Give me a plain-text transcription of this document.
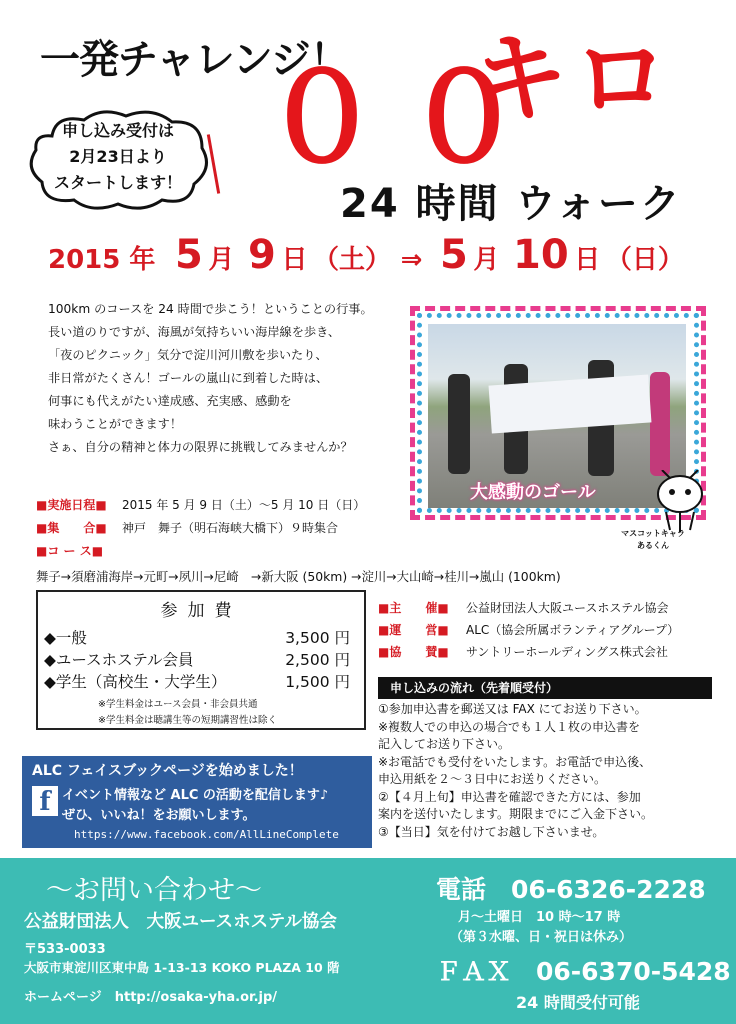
一発チャレンジ！
００
キロ
24 時間 ウォーク
2015 年 5 月 9 日 （土） ⇒ 5 月 10 日 （日）
申し込み受付は
2月23日より
スタートします！

100km のコースを 24 時間で歩こう！ということの行事。

長い道のりですが、海風が気持ちいい海岸線を歩き、

「夜のピクニック」気分で淀川河川敷を歩いたり、

非日常がたくさん！ゴールの嵐山に到着した時は、

何事にも代えがたい達成感、充実感、感動を

味わうことができます！

さぁ、自分の精神と体力の限界に挑戦してみませんか？

大感動のゴール
マスコットキャラ
あるくん
■実施日程■ 2015 年 5 月 9 日（土）～5 月 10 日（日）
■集　　合■ 神戸　舞子（明石海峡大橋下）９時集合
■コ ー ス■
舞子→須磨浦海岸→元町→夙川→尼崎　→新大阪 (50km) →淀川→大山崎→桂川→嵐山 (100km)
参加費
◆一般	3,500 円
◆ユースホステル会員	2,500 円
◆学生（高校生・大学生）	1,500 円
※学生料金はユース会員・非会員共通
※学生料金は聴講生等の短期講習性は除く
■主　　催■ 公益財団法人大阪ユースホステル協会
■運　　営■ ALC（協会所属ボランティアグループ）
■協　　賛■ サントリーホールディングス株式会社
申し込みの流れ（先着順受付）

①参加申込書を郵送又は FAX にてお送り下さい。

※複数人での申込の場合でも１人１枚の申込書を

記入してお送り下さい。

※お電話でも受付をいたします。お電話で申込後、

申込用紙を２～３日中にお送りください。

②【４月上旬】申込書を確認できた方には、参加

案内を送付いたします。期限までにご入金下さい。

③【当日】気を付けてお越し下さいませ。

ALC フェイスブックページを始めました！
f イベント情報など ALC の活動を配信します♪
ぜひ、いいね！をお願いします。
https://www.facebook.com/AllLineComplete
～お問い合わせ～
公益財団法人　大阪ユースホステル協会
〒533-0033
大阪市東淀川区東中島 1-13-13 KOKO PLAZA 10 階
ホームページ　http://osaka-yha.or.jp/
電話　06-6326-2228
月～土曜日　10 時～17 時
（第３水曜、日・祝日は休み）
ＦＡＸ　06-6370-5428
24 時間受付可能
